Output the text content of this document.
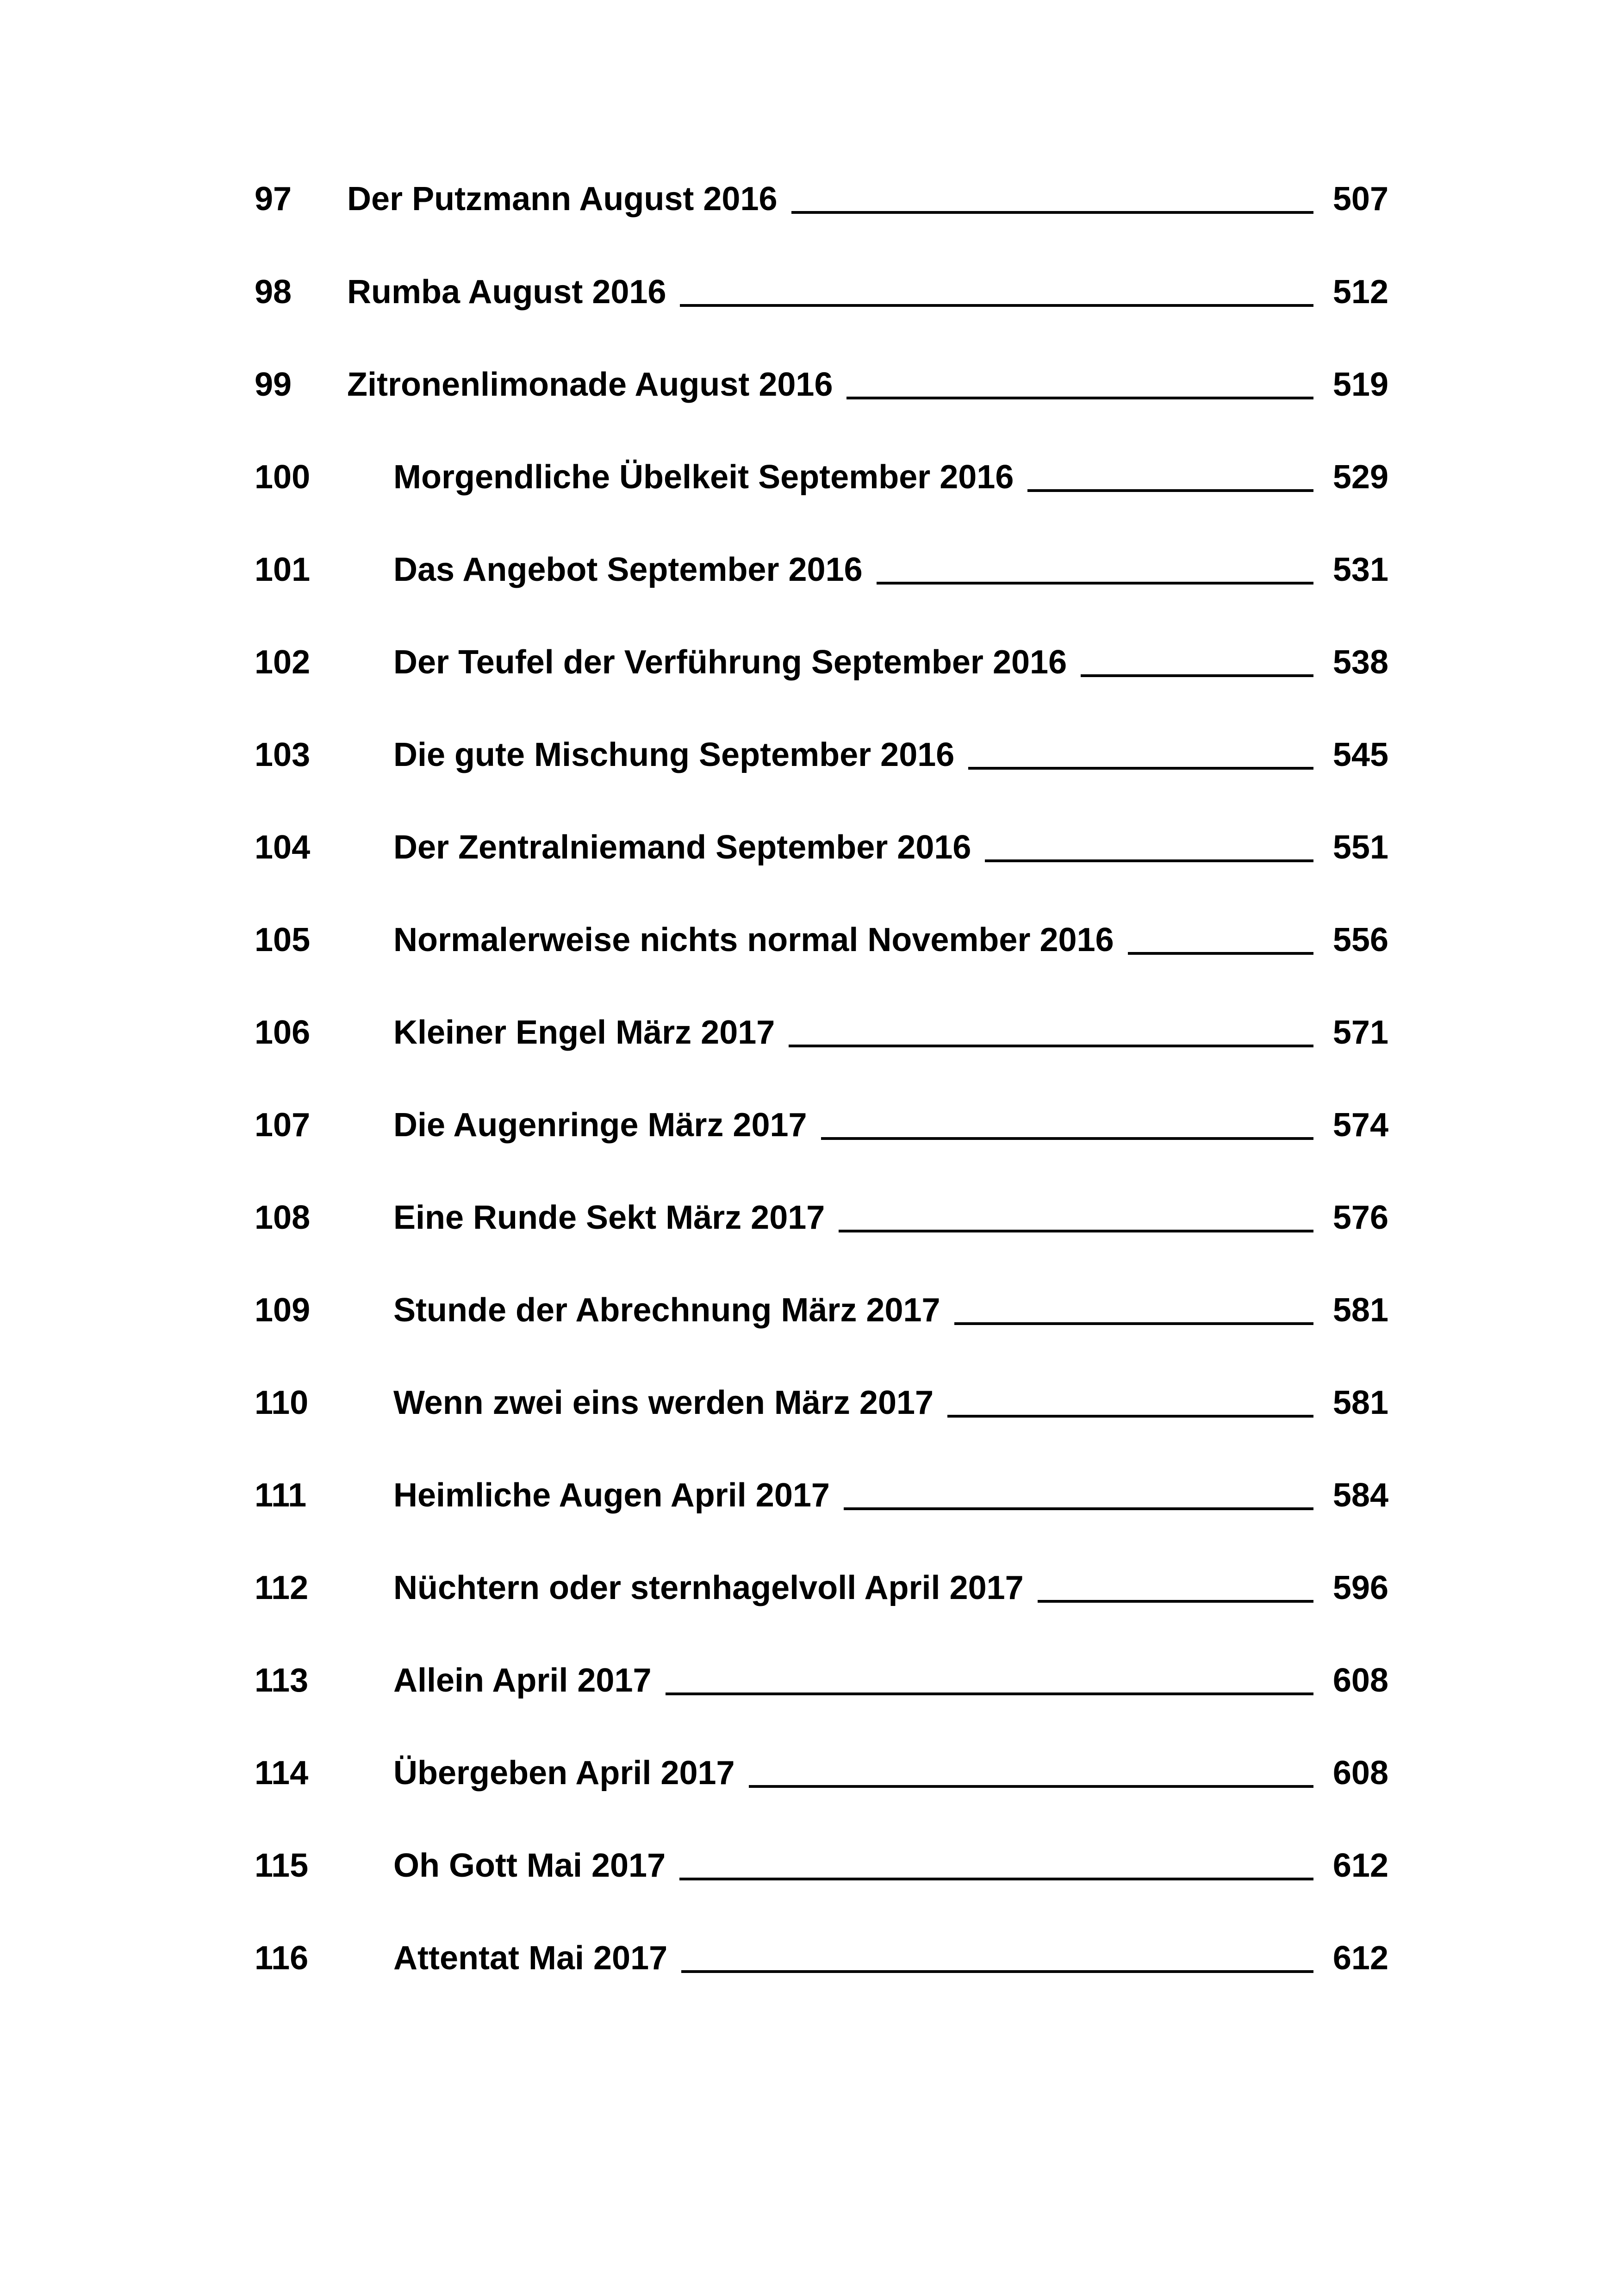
97 Der Putzmann August 2016	507
98 Rumba August 2016	512
99 Zitronenlimonade August 2016	519
100 Morgendliche Übelkeit September 2016	529
101 Das Angebot September 2016	531
102 Der Teufel der Verführung September 2016	538
103 Die gute Mischung September 2016	545
104 Der Zentralniemand September 2016	551
105 Normalerweise nichts normal November 2016	556
106 Kleiner Engel März 2017	571
107 Die Augenringe März 2017	574
108 Eine Runde Sekt März 2017	576
109 Stunde der Abrechnung März 2017	581
110	Wenn zwei eins werden März 2017	581
111	Heimliche Augen April 2017	584
112	Nüchtern oder sternhagelvoll April 2017	596
113	Allein April 2017	608
114	Übergeben April 2017	608
115	Oh Gott Mai 2017	612
116	Attentat Mai 2017	612
